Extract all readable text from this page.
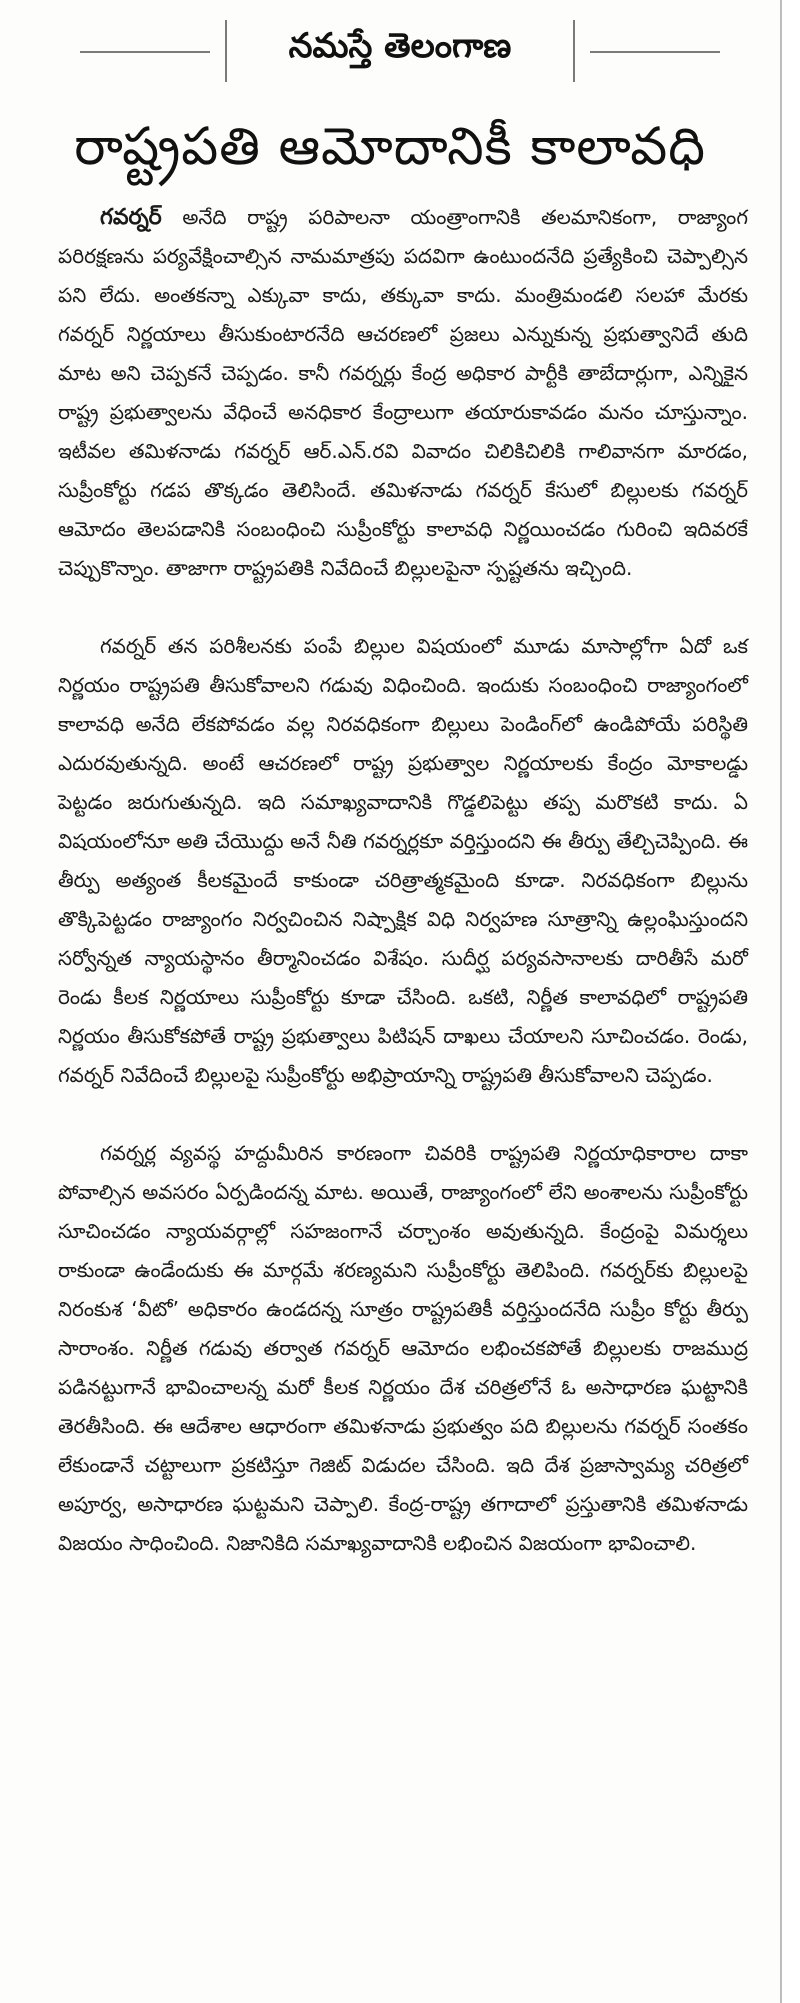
నమస్తే తెలంగాణ
రాష్ట్రపతి ఆమోదానికీ కాలావధి

గవర్నర్ అనేది రాష్ట్ర పరిపాలనా యంత్రాంగానికి తలమానికంగా, రాజ్యాంగ పరిరక్షణను పర్యవేక్షించాల్సిన నామమాత్రపు పదవిగా ఉంటుందనేది ప్రత్యేకించి చెప్పాల్సిన పని లేదు. అంతకన్నా ఎక్కువా కాదు, తక్కువా కాదు. మంత్రిమండలి సలహా మేరకు గవర్నర్ నిర్ణయాలు తీసుకుంటారనేది ఆచరణలో ప్రజలు ఎన్నుకున్న ప్రభుత్వానిదే తుది మాట అని చెప్పకనే చెప్పడం. కానీ గవర్నర్లు కేంద్ర అధికార పార్టీకి తాబేదార్లుగా, ఎన్నికైన రాష్ట్ర ప్రభుత్వాలను వేధించే అనధికార కేంద్రాలుగా తయారుకావడం మనం చూస్తున్నాం. ఇటీవల తమిళనాడు గవర్నర్ ఆర్.ఎన్.రవి వివాదం చిలికిచిలికి గాలివానగా మారడం, సుప్రీంకోర్టు గడప తొక్కడం తెలిసిందే. తమిళనాడు గవర్నర్ కేసులో బిల్లులకు గవర్నర్ ఆమోదం తెలపడానికి సంబంధించి సుప్రీంకోర్టు కాలావధి నిర్ణయించడం గురించి ఇదివరకే చెప్పుకొన్నాం. తాజాగా రాష్ట్రపతికి నివేదించే బిల్లులపైనా స్పష్టతను ఇచ్చింది.

గవర్నర్ తన పరిశీలనకు పంపే బిల్లుల విషయంలో మూడు మాసాల్లోగా ఏదో ఒక నిర్ణయం రాష్ట్రపతి తీసుకోవాలని గడువు విధించింది. ఇందుకు సంబంధించి రాజ్యాంగంలో కాలావధి అనేది లేకపోవడం వల్ల నిరవధికంగా బిల్లులు పెండింగ్‌లో ఉండిపోయే పరిస్థితి ఎదురవుతున్నది. అంటే ఆచరణలో రాష్ట్ర ప్రభుత్వాల నిర్ణయాలకు కేంద్రం మోకాలడ్డు పెట్టడం జరుగుతున్నది. ఇది సమాఖ్యవాదానికి గొడ్డలిపెట్టు తప్ప మరొకటి కాదు. ఏ విషయంలోనూ అతి చేయొద్దు అనే నీతి గవర్నర్లకూ వర్తిస్తుందని ఈ తీర్పు తేల్చిచెప్పింది. ఈ తీర్పు అత్యంత కీలకమైందే కాకుండా చరిత్రాత్మకమైంది కూడా. నిరవధికంగా బిల్లును తొక్కిపెట్టడం రాజ్యాంగం నిర్వచించిన నిష్పాక్షిక విధి నిర్వహణ సూత్రాన్ని ఉల్లంఘిస్తుందని సర్వోన్నత న్యాయస్థానం తీర్మానించడం విశేషం. సుదీర్ఘ పర్యవసానాలకు దారితీసే మరో రెండు కీలక నిర్ణయాలు సుప్రీంకోర్టు కూడా చేసింది. ఒకటి, నిర్ణీత కాలావధిలో రాష్ట్రపతి నిర్ణయం తీసుకోకపోతే రాష్ట్ర ప్రభుత్వాలు పిటిషన్ దాఖలు చేయాలని సూచించడం. రెండు, గవర్నర్ నివేదించే బిల్లులపై సుప్రీంకోర్టు అభిప్రాయాన్ని రాష్ట్రపతి తీసుకోవాలని చెప్పడం.

గవర్నర్ల వ్యవస్థ హద్దుమీరిన కారణంగా చివరికి రాష్ట్రపతి నిర్ణయాధికారాల దాకా పోవాల్సిన అవసరం ఏర్పడిందన్న మాట. అయితే, రాజ్యాంగంలో లేని అంశాలను సుప్రీంకోర్టు సూచించడం న్యాయవర్గాల్లో సహజంగానే చర్చాంశం అవుతున్నది. కేంద్రంపై విమర్శలు రాకుండా ఉండేందుకు ఈ మార్గమే శరణ్యమని సుప్రీంకోర్టు తెలిపింది. గవర్నర్‌కు బిల్లులపై నిరంకుశ ‘వీటో’ అధికారం ఉండదన్న సూత్రం రాష్ట్రపతికీ వర్తిస్తుందనేది సుప్రీం కోర్టు తీర్పు సారాంశం. నిర్ణీత గడువు తర్వాత గవర్నర్ ఆమోదం లభించకపోతే బిల్లులకు రాజముద్ర పడినట్టుగానే భావించాలన్న మరో కీలక నిర్ణయం దేశ చరిత్రలోనే ఓ అసాధారణ ఘట్టానికి తెరతీసింది. ఈ ఆదేశాల ఆధారంగా తమిళనాడు ప్రభుత్వం పది బిల్లులను గవర్నర్ సంతకం లేకుండానే చట్టాలుగా ప్రకటిస్తూ గెజిట్ విడుదల చేసింది. ఇది దేశ ప్రజాస్వామ్య చరిత్రలో అపూర్వ, అసాధారణ ఘట్టమని చెప్పాలి. కేంద్ర-రాష్ట్ర తగాదాలో ప్రస్తుతానికి తమిళనాడు విజయం సాధించింది. నిజానికిది సమాఖ్యవాదానికి లభించిన విజయంగా భావించాలి.
